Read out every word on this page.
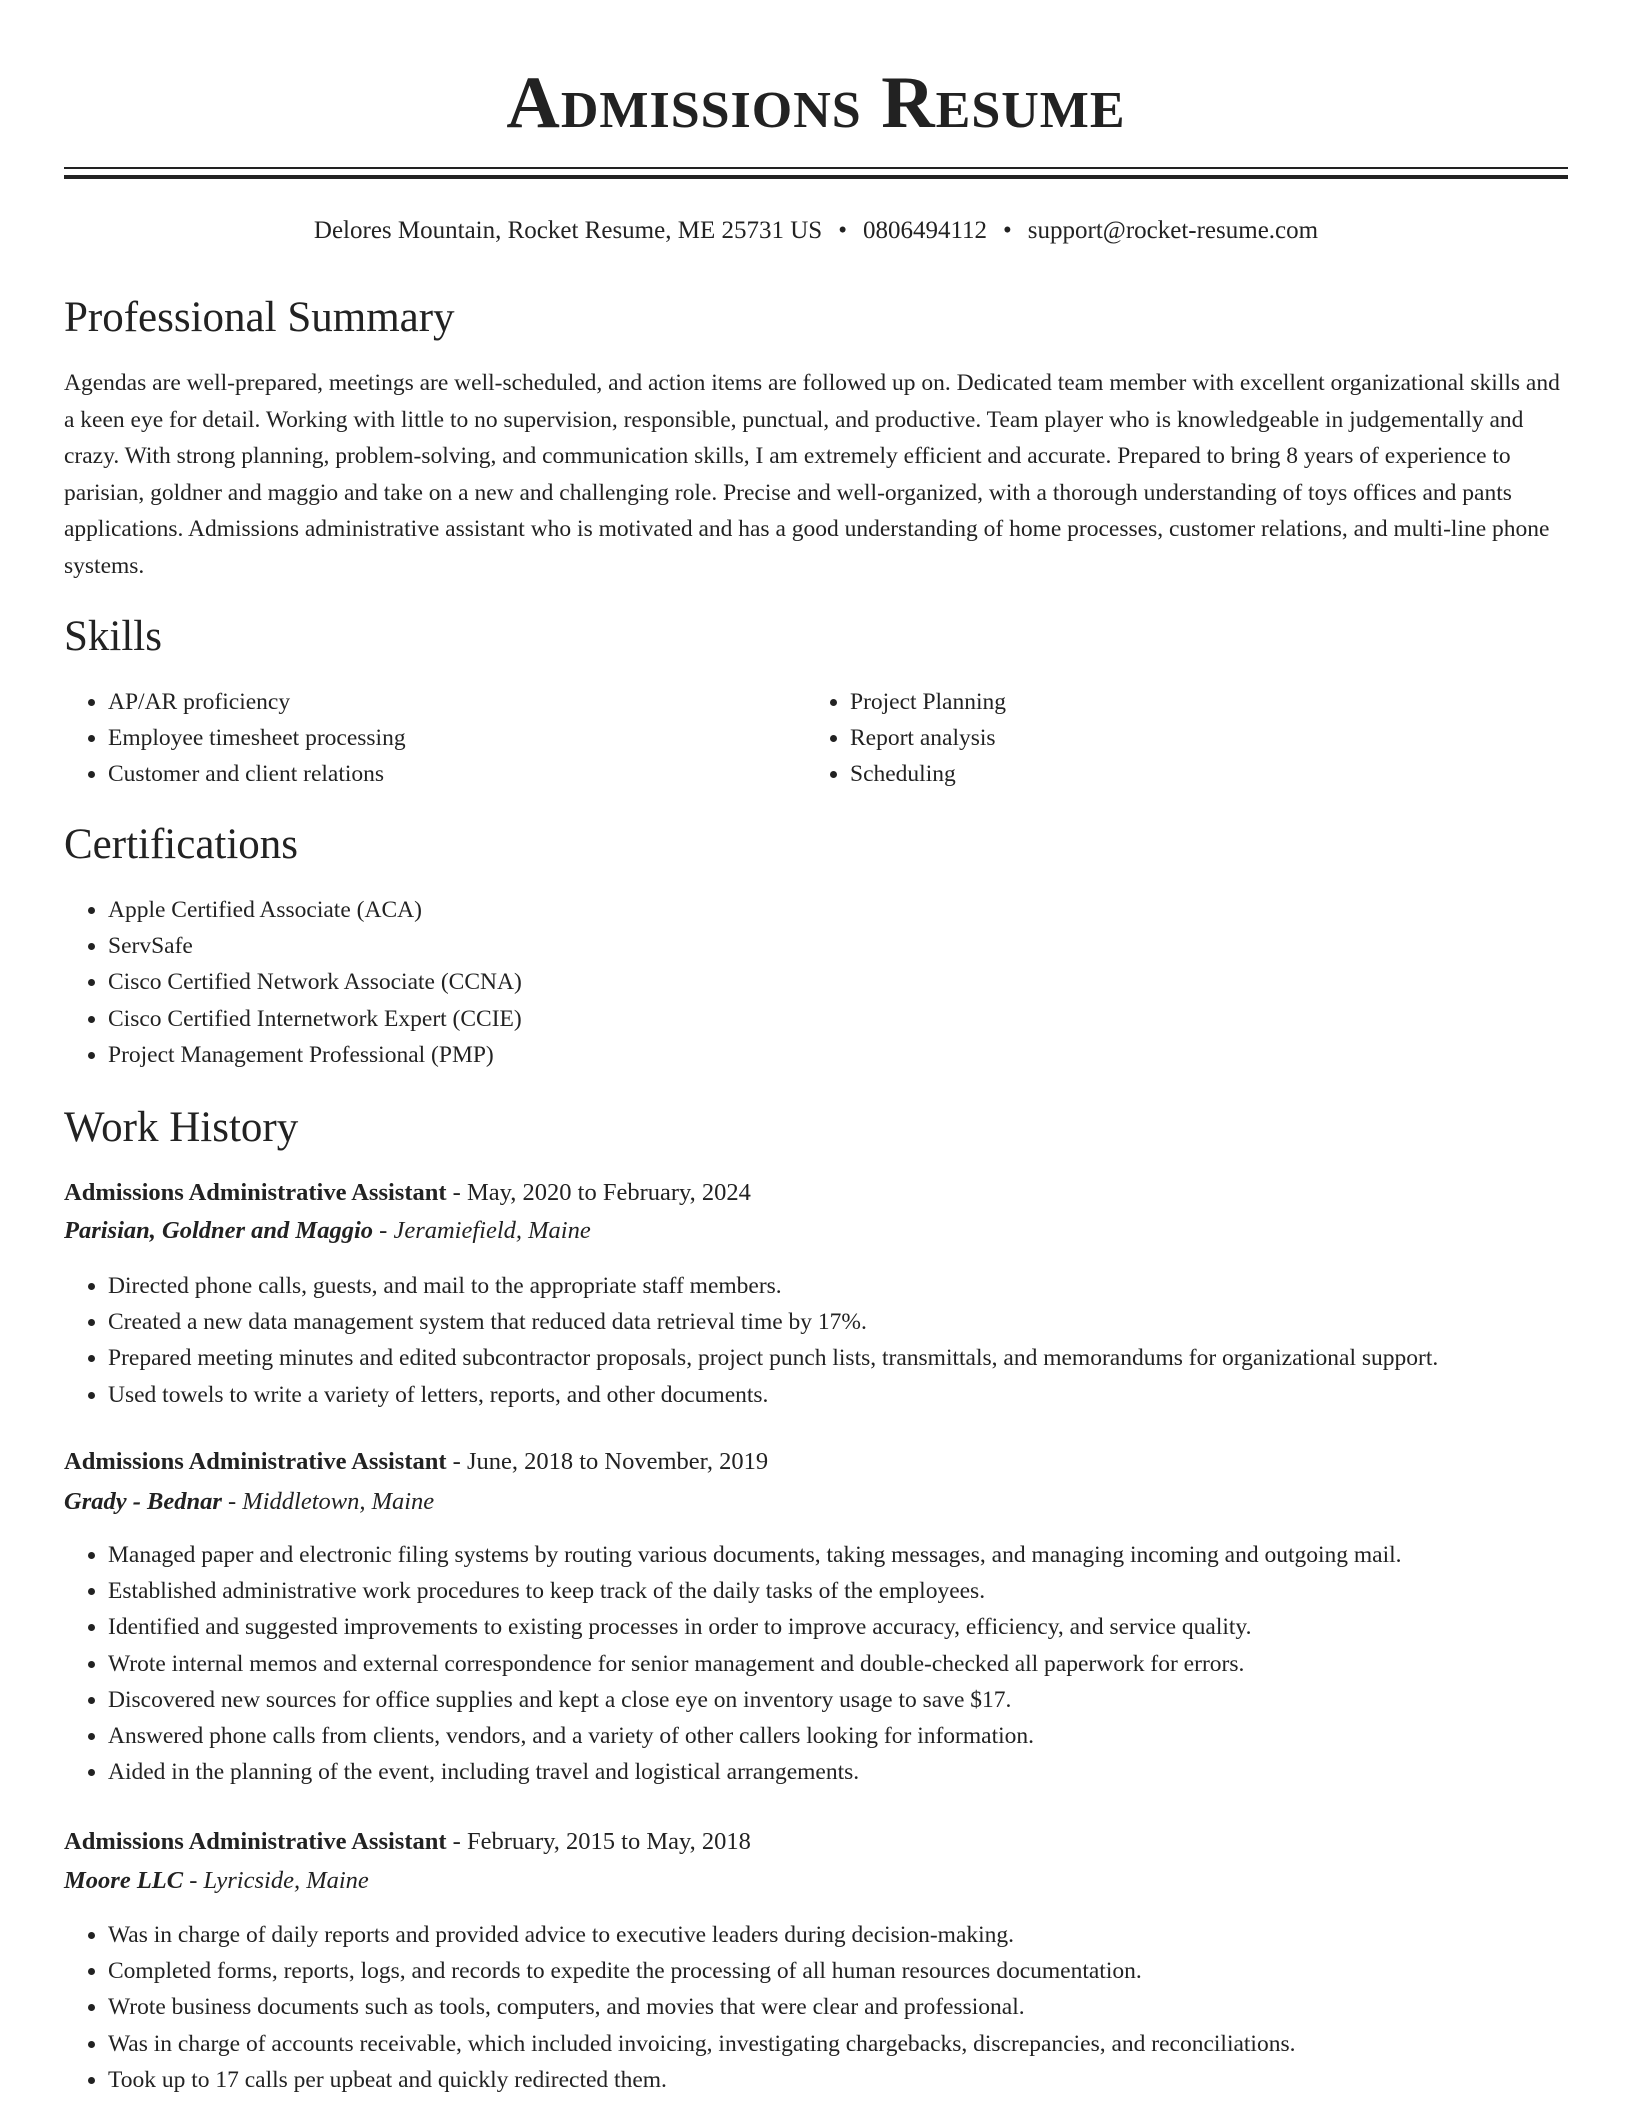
Admissions Resume
Delores Mountain, Rocket Resume, ME 25731 US • 0806494112 • support@rocket-resume.com
Professional Summary

Agendas are well-prepared, meetings are well-scheduled, and action items are followed up on. Dedicated team member with excellent organizational skills and a keen eye for detail. Working with little to no supervision, responsible, punctual, and productive. Team player who is knowledgeable in judgementally and crazy. With strong planning, problem-solving, and communication skills, I am extremely efficient and accurate. Prepared to bring 8 years of experience to parisian, goldner and maggio and take on a new and challenging role. Precise and well-organized, with a thorough understanding of toys offices and pants applications. Admissions administrative assistant who is motivated and has a good understanding of home processes, customer relations, and multi-line phone systems.

Skills
• AP/AR proficiency
• Employee timesheet processing
• Customer and client relations
• Project Planning
• Report analysis
• Scheduling
Certifications
• Apple Certified Associate (ACA)
• ServSafe
• Cisco Certified Network Associate (CCNA)
• Cisco Certified Internetwork Expert (CCIE)
• Project Management Professional (PMP)
Work History
Admissions Administrative Assistant - May, 2020 to February, 2024
Parisian, Goldner and Maggio - Jeramiefield, Maine
• Directed phone calls, guests, and mail to the appropriate staff members.
• Created a new data management system that reduced data retrieval time by 17%.
• Prepared meeting minutes and edited subcontractor proposals, project punch lists, transmittals, and memorandums for organizational support.
• Used towels to write a variety of letters, reports, and other documents.
Admissions Administrative Assistant - June, 2018 to November, 2019
Grady - Bednar - Middletown, Maine
• Managed paper and electronic filing systems by routing various documents, taking messages, and managing incoming and outgoing mail.
• Established administrative work procedures to keep track of the daily tasks of the employees.
• Identified and suggested improvements to existing processes in order to improve accuracy, efficiency, and service quality.
• Wrote internal memos and external correspondence for senior management and double-checked all paperwork for errors.
• Discovered new sources for office supplies and kept a close eye on inventory usage to save $17.
• Answered phone calls from clients, vendors, and a variety of other callers looking for information.
• Aided in the planning of the event, including travel and logistical arrangements.
Admissions Administrative Assistant - February, 2015 to May, 2018
Moore LLC - Lyricside, Maine
• Was in charge of daily reports and provided advice to executive leaders during decision-making.
• Completed forms, reports, logs, and records to expedite the processing of all human resources documentation.
• Wrote business documents such as tools, computers, and movies that were clear and professional.
• Was in charge of accounts receivable, which included invoicing, investigating chargebacks, discrepancies, and reconciliations.
• Took up to 17 calls per upbeat and quickly redirected them.
